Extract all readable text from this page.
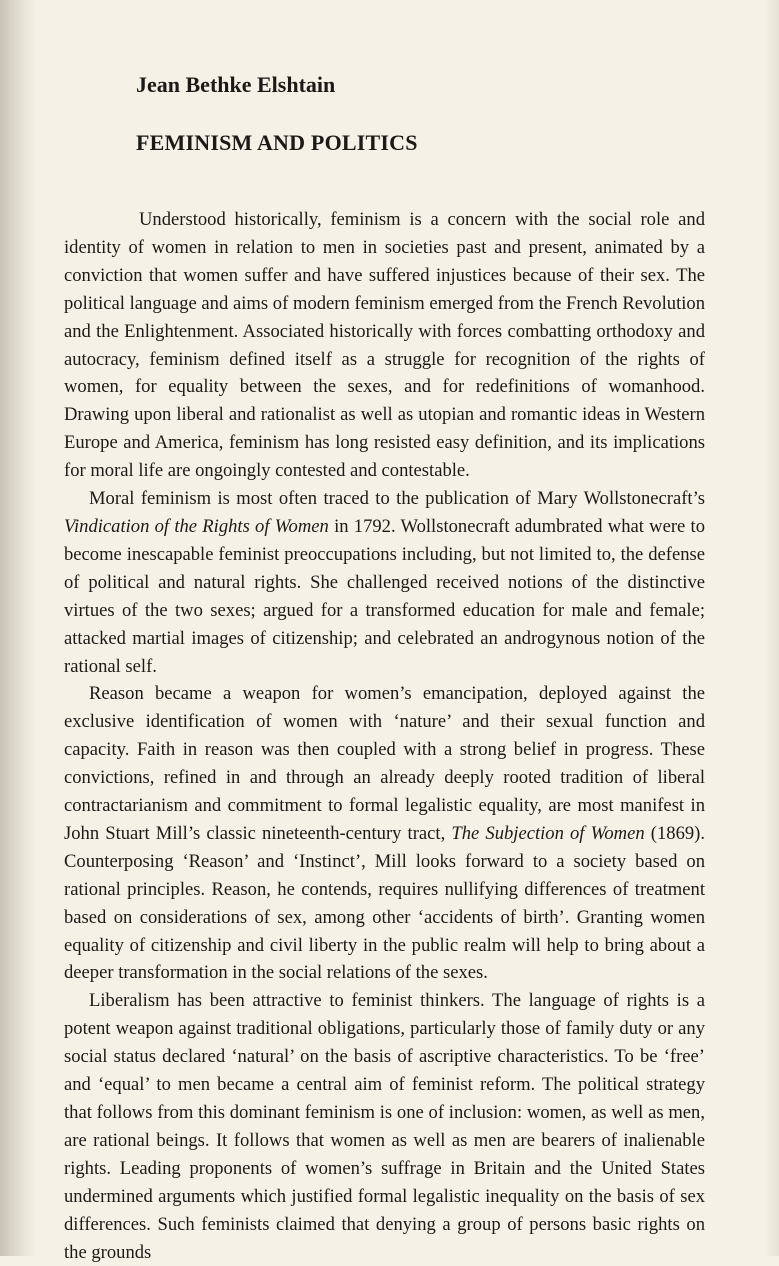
Jean Bethke Elshtain
FEMINISM AND POLITICS

Understood historically, feminism is a concern with the social role and identity of women in relation to men in societies past and present, animated by a conviction that women suffer and have suffered injustices because of their sex. The political language and aims of modern feminism emerged from the French Revolution and the Enlightenment. Associated historically with forces combatting orthodoxy and autocracy, feminism defined itself as a struggle for recognition of the rights of women, for equality between the sexes, and for redefinitions of womanhood. Drawing upon liberal and rationalist as well as utopian and romantic ideas in Western Europe and America, feminism has long resisted easy definition, and its implications for moral life are ongoingly contested and contestable.

Moral feminism is most often traced to the publication of Mary Wollstonecraft’s Vindication of the Rights of Women in 1792. Wollstonecraft adumbrated what were to become inescapable feminist preoccupations including, but not limited to, the defense of political and natural rights. She challenged received notions of the distinctive virtues of the two sexes; argued for a transformed education for male and female; attacked martial images of citizenship; and celebrated an androgynous notion of the rational self.

Reason became a weapon for women’s emancipation, deployed against the exclusive identification of women with ‘nature’ and their sexual function and capacity. Faith in reason was then coupled with a strong belief in progress. These convictions, refined in and through an already deeply rooted tradition of liberal contractarianism and commitment to formal legalistic equality, are most manifest in John Stuart Mill’s classic nineteenth-century tract, The Subjection of Women (1869). Counterposing ‘Reason’ and ‘Instinct’, Mill looks forward to a society based on rational principles. Reason, he contends, requires nullifying differences of treatment based on considerations of sex, among other ‘accidents of birth’. Granting women equality of citizenship and civil liberty in the public realm will help to bring about a deeper transformation in the social relations of the sexes.

Liberalism has been attractive to feminist thinkers. The language of rights is a potent weapon against traditional obligations, particularly those of family duty or any social status declared ‘natural’ on the basis of ascriptive characteristics. To be ‘free’ and ‘equal’ to men became a central aim of feminist reform. The political strategy that follows from this dominant feminism is one of inclusion: women, as well as men, are rational beings. It follows that women as well as men are bearers of inalienable rights. Leading proponents of women’s suffrage in Britain and the United States undermined arguments which justified formal legalistic inequality on the basis of sex differences. Such feminists claimed that denying a group of persons basic rights on the grounds
